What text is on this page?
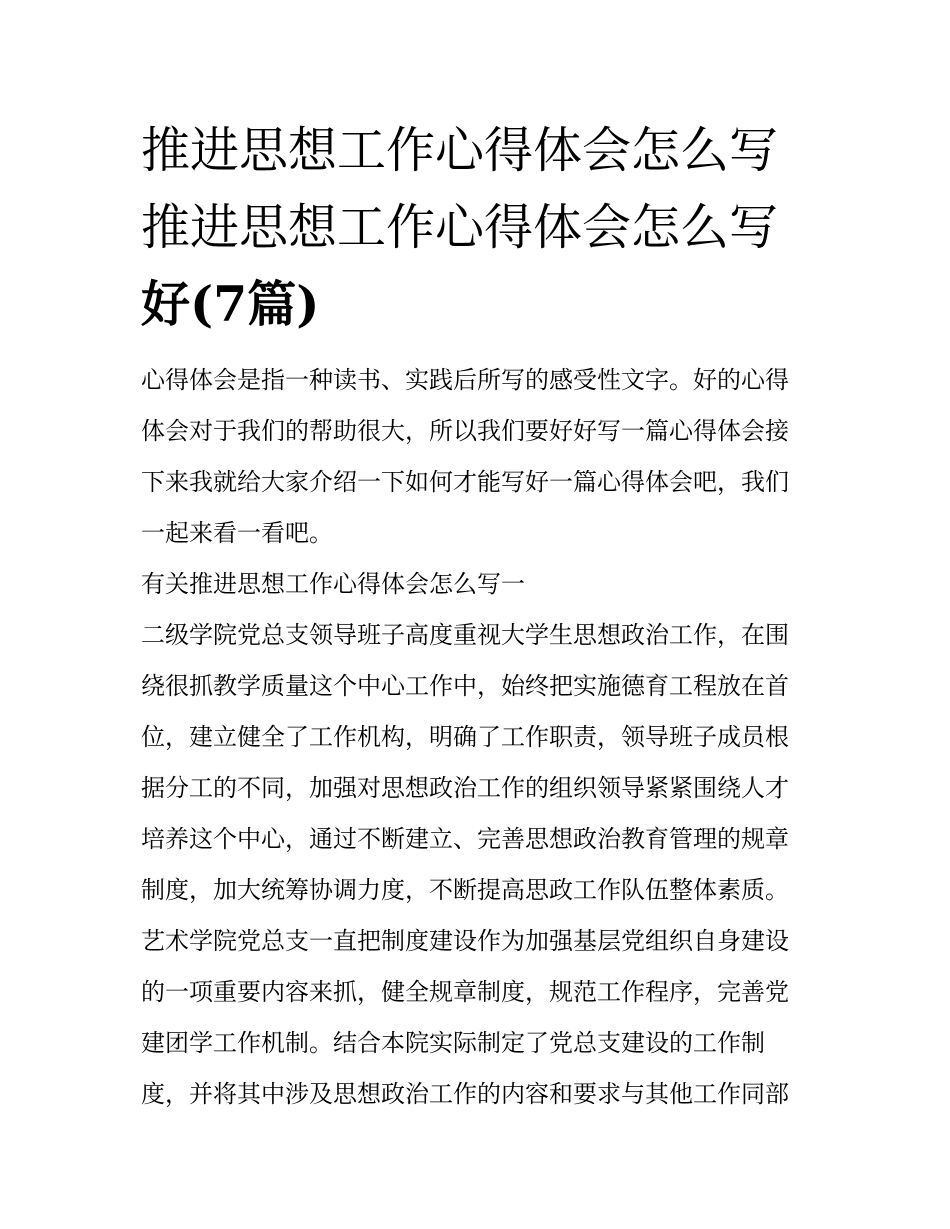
推进思想工作心得体会怎么写
推进思想工作心得体会怎么写
好(7篇)
心得体会是指一种读书、实践后所写的感受性文字。好的心得
体会对于我们的帮助很大，所以我们要好好写一篇心得体会接
下来我就给大家介绍一下如何才能写好一篇心得体会吧，我们
一起来看一看吧。
有关推进思想工作心得体会怎么写一
二级学院党总支领导班子高度重视大学生思想政治工作，在围
绕很抓教学质量这个中心工作中，始终把实施德育工程放在首
位，建立健全了工作机构，明确了工作职责，领导班子成员根
据分工的不同，加强对思想政治工作的组织领导紧紧围绕人才
培养这个中心，通过不断建立、完善思想政治教育管理的规章
制度，加大统筹协调力度，不断提高思政工作队伍整体素质。
艺术学院党总支一直把制度建设作为加强基层党组织自身建设
的一项重要内容来抓，健全规章制度，规范工作程序，完善党
建团学工作机制。结合本院实际制定了党总支建设的工作制
度，并将其中涉及思想政治工作的内容和要求与其他工作同部
